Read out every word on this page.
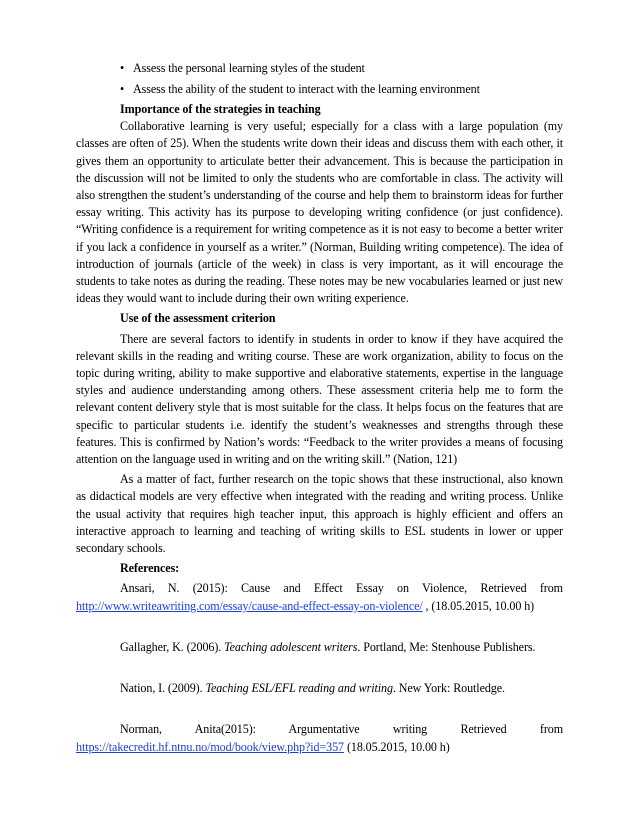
• Assess the personal learning styles of the student
• Assess the ability of the student to interact with the learning environment

Importance of the strategies in teaching

Collaborative learning is very useful; especially for a class with a large population (my classes are often of 25). When the students write down their ideas and discuss them with each other, it gives them an opportunity to articulate better their advancement. This is because the participation in the discussion will not be limited to only the students who are comfortable in class. The activity will also strengthen the student’s understanding of the course and help them to brainstorm ideas for further essay writing. This activity has its purpose to developing writing confidence (or just confidence). “Writing confidence is a requirement for writing competence as it is not easy to become a better writer if you lack a confidence in yourself as a writer.” (Norman, Building writing competence). The idea of introduction of journals (article of the week) in class is very important, as it will encourage the students to take notes as during the reading. These notes may be new vocabularies learned or just new ideas they would want to include during their own writing experience.

Use of the assessment criterion

There are several factors to identify in students in order to know if they have acquired the relevant skills in the reading and writing course. These are work organization, ability to focus on the topic during writing, ability to make supportive and elaborative statements, expertise in the language styles and audience understanding among others. These assessment criteria help me to form the relevant content delivery style that is most suitable for the class. It helps focus on the features that are specific to particular students i.e. identify the student’s weaknesses and strengths through these features. This is confirmed by Nation’s words: “Feedback to the writer provides a means of focusing attention on the language used in writing and on the writing skill.” (Nation, 121)

As a matter of fact, further research on the topic shows that these instructional, also known as didactical models are very effective when integrated with the reading and writing process. Unlike the usual activity that requires high teacher input, this approach is highly efficient and offers an interactive approach to learning and teaching of writing skills to ESL students in lower or upper secondary schools.

References:

Ansari, N. (2015): Cause and Effect Essay on Violence, Retrieved from http://www.writeawriting.com/essay/cause-and-effect-essay-on-violence/ , (18.05.2015, 10.00 h)

Gallagher, K. (2006). Teaching adolescent writers. Portland, Me: Stenhouse Publishers.

Nation, I. (2009). Teaching ESL/EFL reading and writing. New York: Routledge.

Norman, Anita(2015): Argumentative writing Retrieved from https://takecredit.hf.ntnu.no/mod/book/view.php?id=357 (18.05.2015, 10.00 h)
